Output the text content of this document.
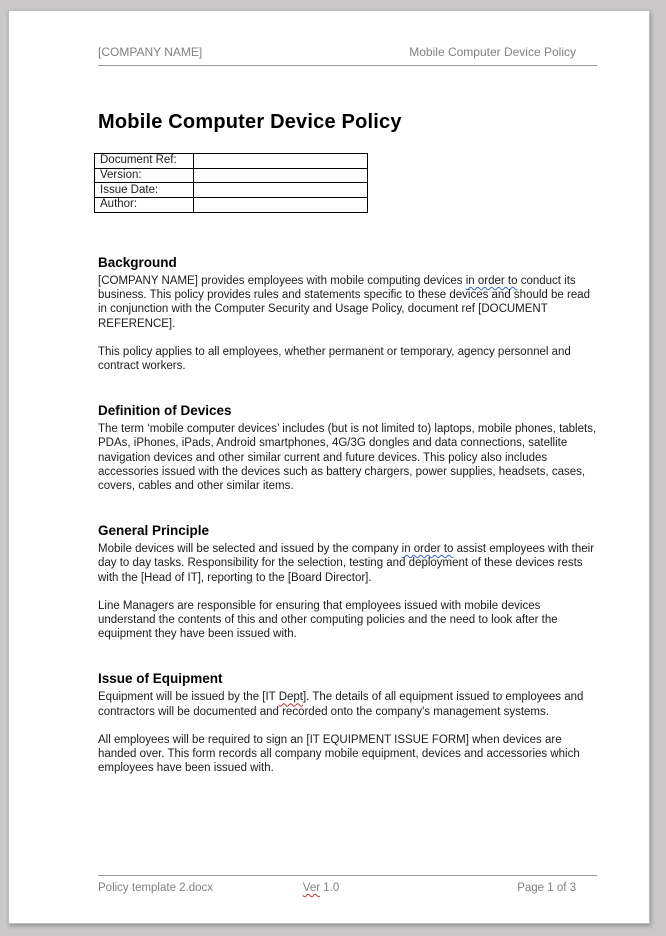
[COMPANY NAME]	Mobile Computer Device Policy
Mobile Computer Device Policy
Document Ref:	
Version:	
Issue Date:	
Author:	
Background

[COMPANY NAME] provides employees with mobile computing devices in order to conduct its business. This policy provides rules and statements specific to these devices and should be read in conjunction with the Computer Security and Usage Policy, document ref [DOCUMENT REFERENCE].

This policy applies to all employees, whether permanent or temporary, agency personnel and contract workers.

Definition of Devices

The term ‘mobile computer devices’ includes (but is not limited to) laptops, mobile phones, tablets, PDAs, iPhones, iPads, Android smartphones, 4G/3G dongles and data connections, satellite navigation devices and other similar current and future devices. This policy also includes accessories issued with the devices such as battery chargers, power supplies, headsets, cases, covers, cables and other similar items.

General Principle

Mobile devices will be selected and issued by the company in order to assist employees with their day to day tasks. Responsibility for the selection, testing and deployment of these devices rests with the [Head of IT], reporting to the [Board Director].

Line Managers are responsible for ensuring that employees issued with mobile devices understand the contents of this and other computing policies and the need to look after the equipment they have been issued with.

Issue of Equipment

Equipment will be issued by the [IT Dept]. The details of all equipment issued to employees and contractors will be documented and recorded onto the company's management systems.

All employees will be required to sign an [IT EQUIPMENT ISSUE FORM] when devices are handed over. This form records all company mobile equipment, devices and accessories which employees have been issued with.

Policy template 2.docx	Ver 1.0	Page 1 of 3
